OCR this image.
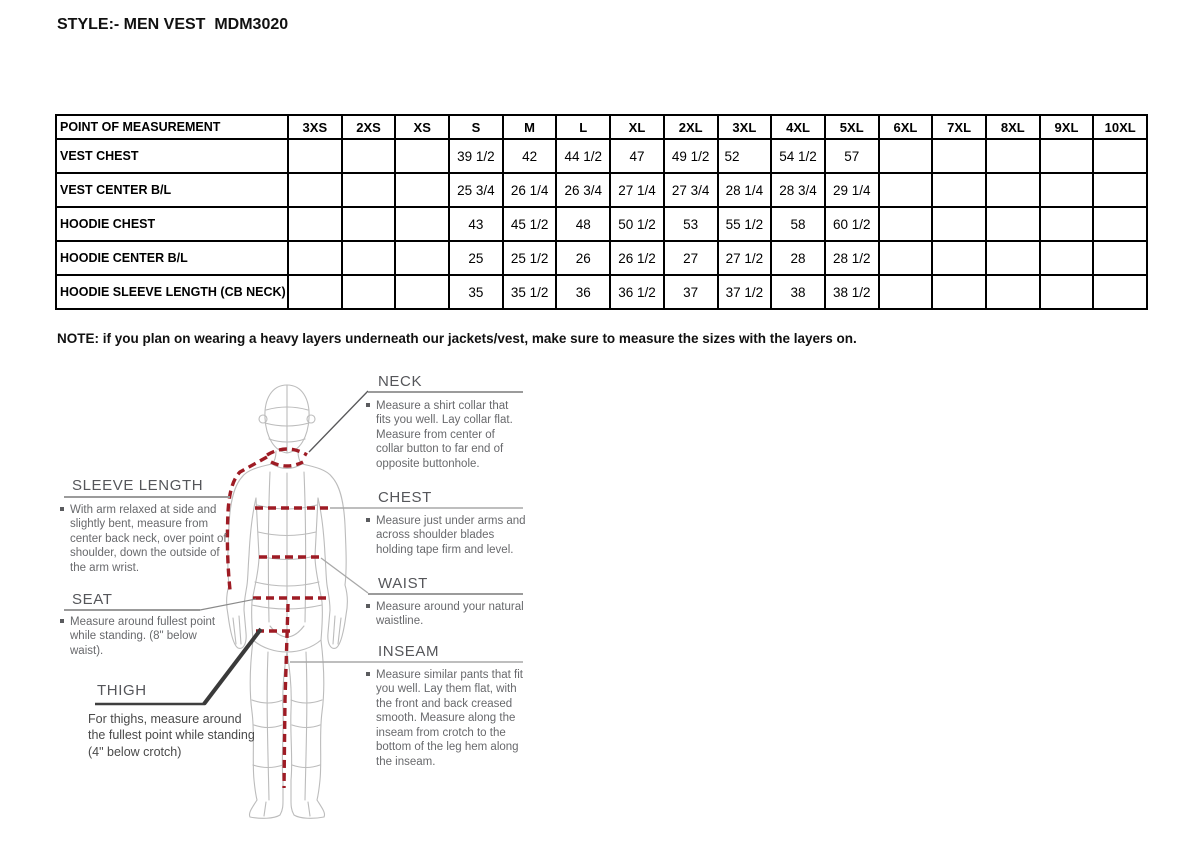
STYLE:- MEN VEST  MDM3020
POINT OF MEASUREMENT	3XS	2XS	XS	S	M	L	XL	2XL	3XL	4XL	5XL	6XL	7XL	8XL	9XL	10XL
VEST CHEST				39 1/2	42	44 1/2	47	49 1/2	52	54 1/2	57					
VEST CENTER B/L				25 3/4	26 1/4	26 3/4	27 1/4	27 3/4	28 1/4	28 3/4	29 1/4					
HOODIE CHEST				43	45 1/2	48	50 1/2	53	55 1/2	58	60 1/2					
HOODIE CENTER B/L				25	25 1/2	26	26 1/2	27	27 1/2	28	28 1/2					
HOODIE SLEEVE LENGTH (CB NECK)				35	35 1/2	36	36 1/2	37	37 1/2	38	38 1/2					
NOTE: if you plan on wearing a heavy layers underneath our jackets/vest, make sure to measure the sizes with the layers on.
NECK
Measure a shirt collar that fits you well. Lay collar flat. Measure from center of collar button to far end of opposite buttonhole.
SLEEVE LENGTH
With arm relaxed at side and slightly bent, measure from center back neck, over point of shoulder, down the outside of the arm wrist.
CHEST
Measure just under arms and across shoulder blades holding tape firm and level.
WAIST
Measure around your natural waistline.
SEAT
Measure around fullest point while standing. (8" below waist).	INSEAM
Measure similar pants that fit you well. Lay them flat, with the front and back creased smooth. Measure along the inseam from crotch to the bottom of the leg hem along the inseam.
THIGH
For thighs, measure around the fullest point while standing (4" below crotch)
